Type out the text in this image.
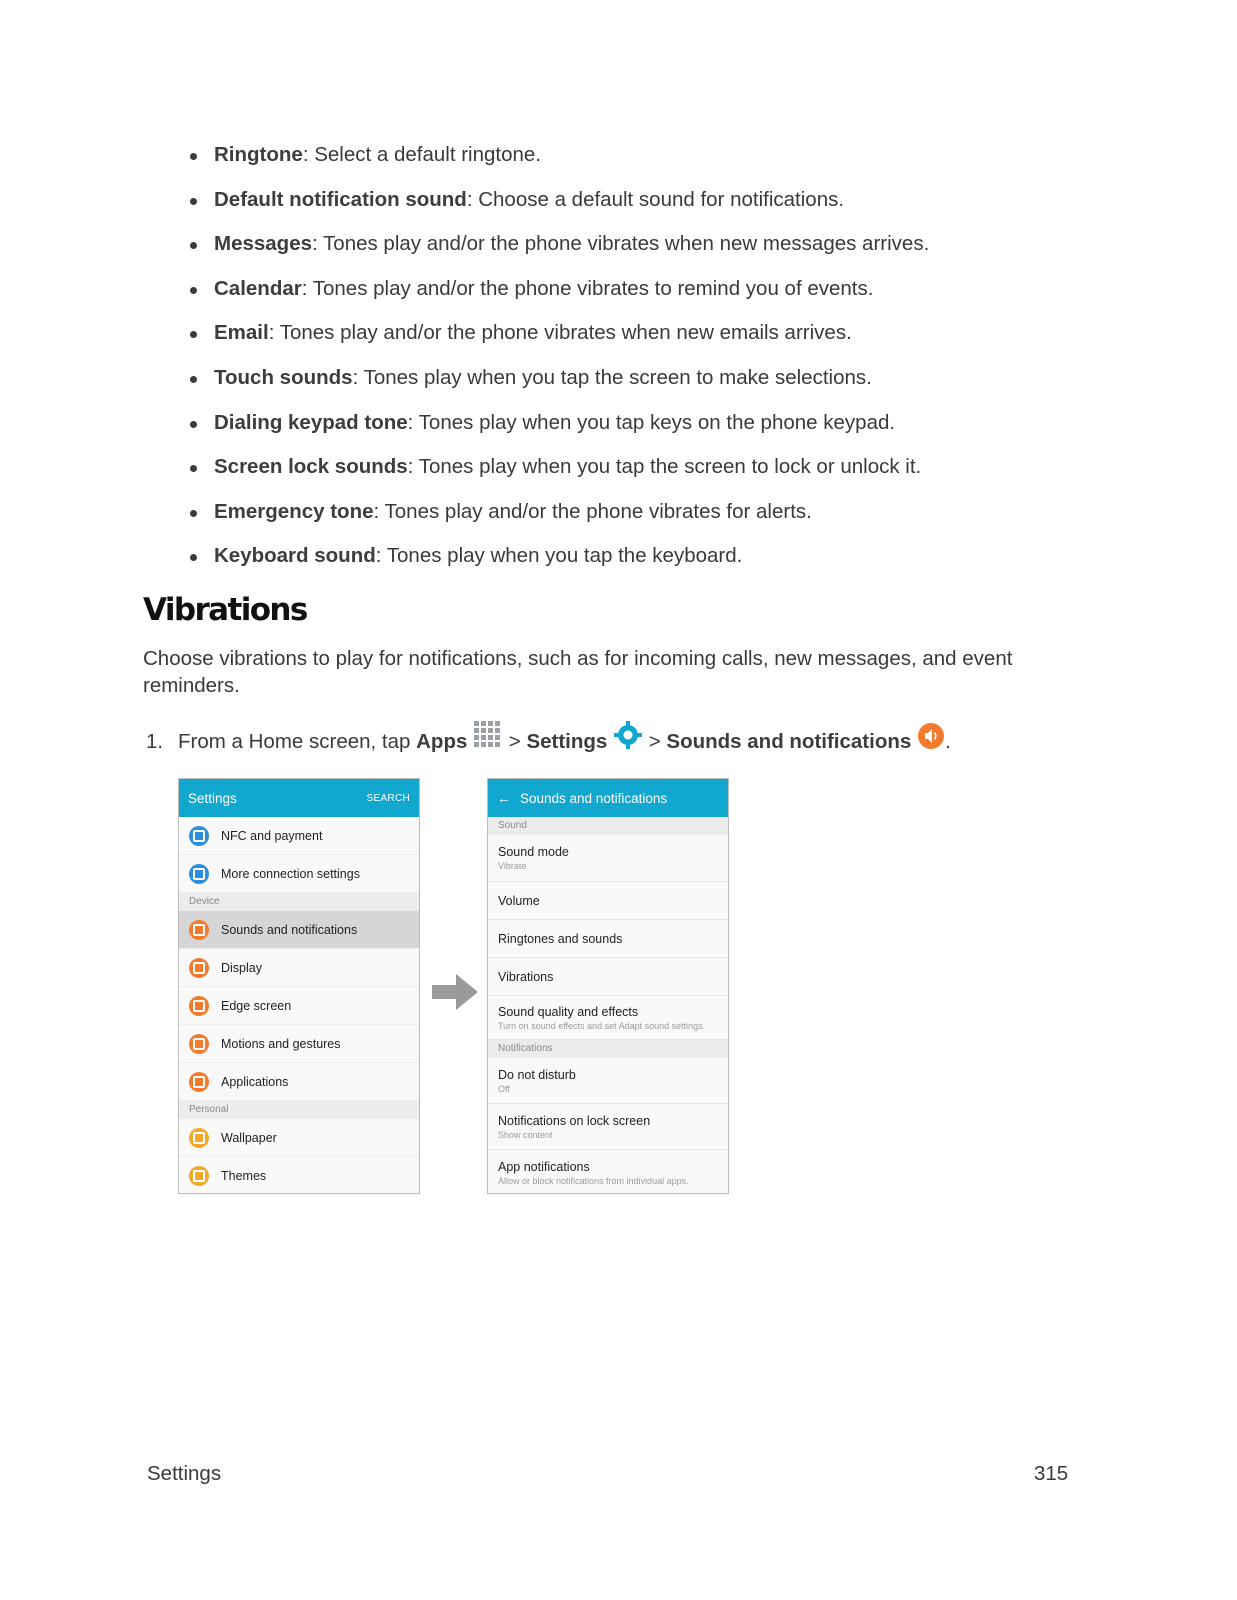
Ringtone: Select a default ringtone.
Default notification sound: Choose a default sound for notifications.
Messages: Tones play and/or the phone vibrates when new messages arrives.
Calendar: Tones play and/or the phone vibrates to remind you of events.
Email: Tones play and/or the phone vibrates when new emails arrives.
Touch sounds: Tones play when you tap the screen to make selections.
Dialing keypad tone: Tones play when you tap keys on the phone keypad.
Screen lock sounds: Tones play when you tap the screen to lock or unlock it.
Emergency tone: Tones play and/or the phone vibrates for alerts.
Keyboard sound: Tones play when you tap the keyboard.
Vibrations

Choose vibrations to play for notifications, such as for incoming calls, new messages, and event reminders.

1. From a Home screen, tap Apps  > Settings  > Sounds and notifications .
Settings	SEARCH
NFC and payment
More connection settings
Device
Sounds and notifications
Display
Edge screen
Motions and gestures
Applications
Personal
Wallpaper
Themes
← Sounds and notifications
Sound
Sound mode
Vibrate
Volume
Ringtones and sounds
Vibrations
Sound quality and effects
Turn on sound effects and set Adapt sound settings.
Notifications
Do not disturb
Off
Notifications on lock screen
Show content
App notifications
Allow or block notifications from individual apps.
Settings	315
